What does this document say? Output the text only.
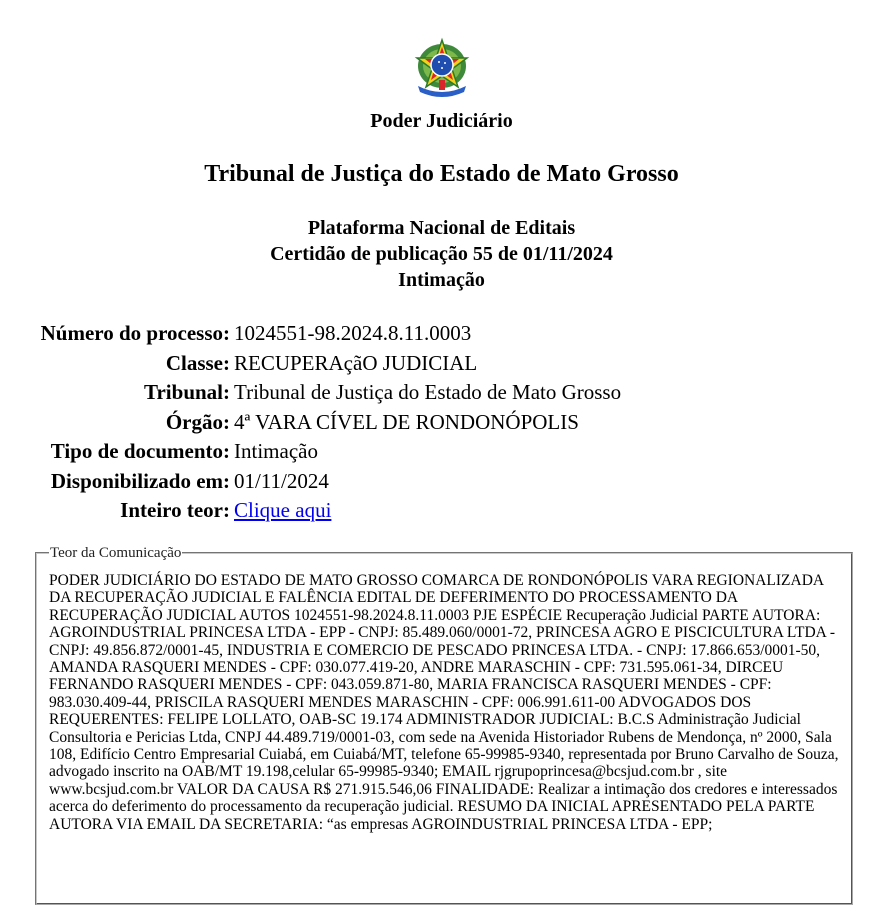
Poder Judiciário
Tribunal de Justiça do Estado de Mato Grosso
Plataforma Nacional de Editais
Certidão de publicação 55 de 01/11/2024
Intimação
Número do processo: 1024551-98.2024.8.11.0003
Classe: RECUPERAçãO JUDICIAL
Tribunal: Tribunal de Justiça do Estado de Mato Grosso
Órgão: 4ª VARA CÍVEL DE RONDONÓPOLIS
Tipo de documento: Intimação
Disponibilizado em: 01/11/2024
Inteiro teor: Clique aqui
Teor da Comunicação
PODER JUDICIÁRIO DO ESTADO DE MATO GROSSO COMARCA DE RONDONÓPOLIS VARA REGIONALIZADA DA RECUPERAÇÃO JUDICIAL E FALÊNCIA EDITAL DE DEFERIMENTO DO PROCESSAMENTO DA RECUPERAÇÃO JUDICIAL AUTOS 1024551-98.2024.8.11.0003 PJE ESPÉCIE Recuperação Judicial PARTE AUTORA: AGROINDUSTRIAL PRINCESA LTDA - EPP - CNPJ: 85.489.060/0001-72, PRINCESA AGRO E PISCICULTURA LTDA - CNPJ: 49.856.872/0001-45, INDUSTRIA E COMERCIO DE PESCADO PRINCESA LTDA. - CNPJ: 17.866.653/0001-50, AMANDA RASQUERI MENDES - CPF: 030.077.419-20, ANDRE MARASCHIN - CPF: 731.595.061-34, DIRCEU FERNANDO RASQUERI MENDES - CPF: 043.059.871-80, MARIA FRANCISCA RASQUERI MENDES - CPF: 983.030.409-44, PRISCILA RASQUERI MENDES MARASCHIN - CPF: 006.991.611-00 ADVOGADOS DOS REQUERENTES: FELIPE LOLLATO, OAB-SC 19.174 ADMINISTRADOR JUDICIAL: B.C.S Administração Judicial Consultoria e Pericias Ltda, CNPJ 44.489.719/0001-03, com sede na Avenida Historiador Rubens de Mendonça, nº 2000, Sala 108, Edifício Centro Empresarial Cuiabá, em Cuiabá/MT, telefone 65-99985-9340, representada por Bruno Carvalho de Souza, advogado inscrito na OAB/MT 19.198,celular 65-99985-9340; EMAIL rjgrupoprincesa@bcsjud.com.br , site www.bcsjud.com.br VALOR DA CAUSA R$ 271.915.546,06 FINALIDADE: Realizar a intimação dos credores e interessados acerca do deferimento do processamento da recuperação judicial. RESUMO DA INICIAL APRESENTADO PELA PARTE AUTORA VIA EMAIL DA SECRETARIA: “as empresas AGROINDUSTRIAL PRINCESA LTDA - EPP;
